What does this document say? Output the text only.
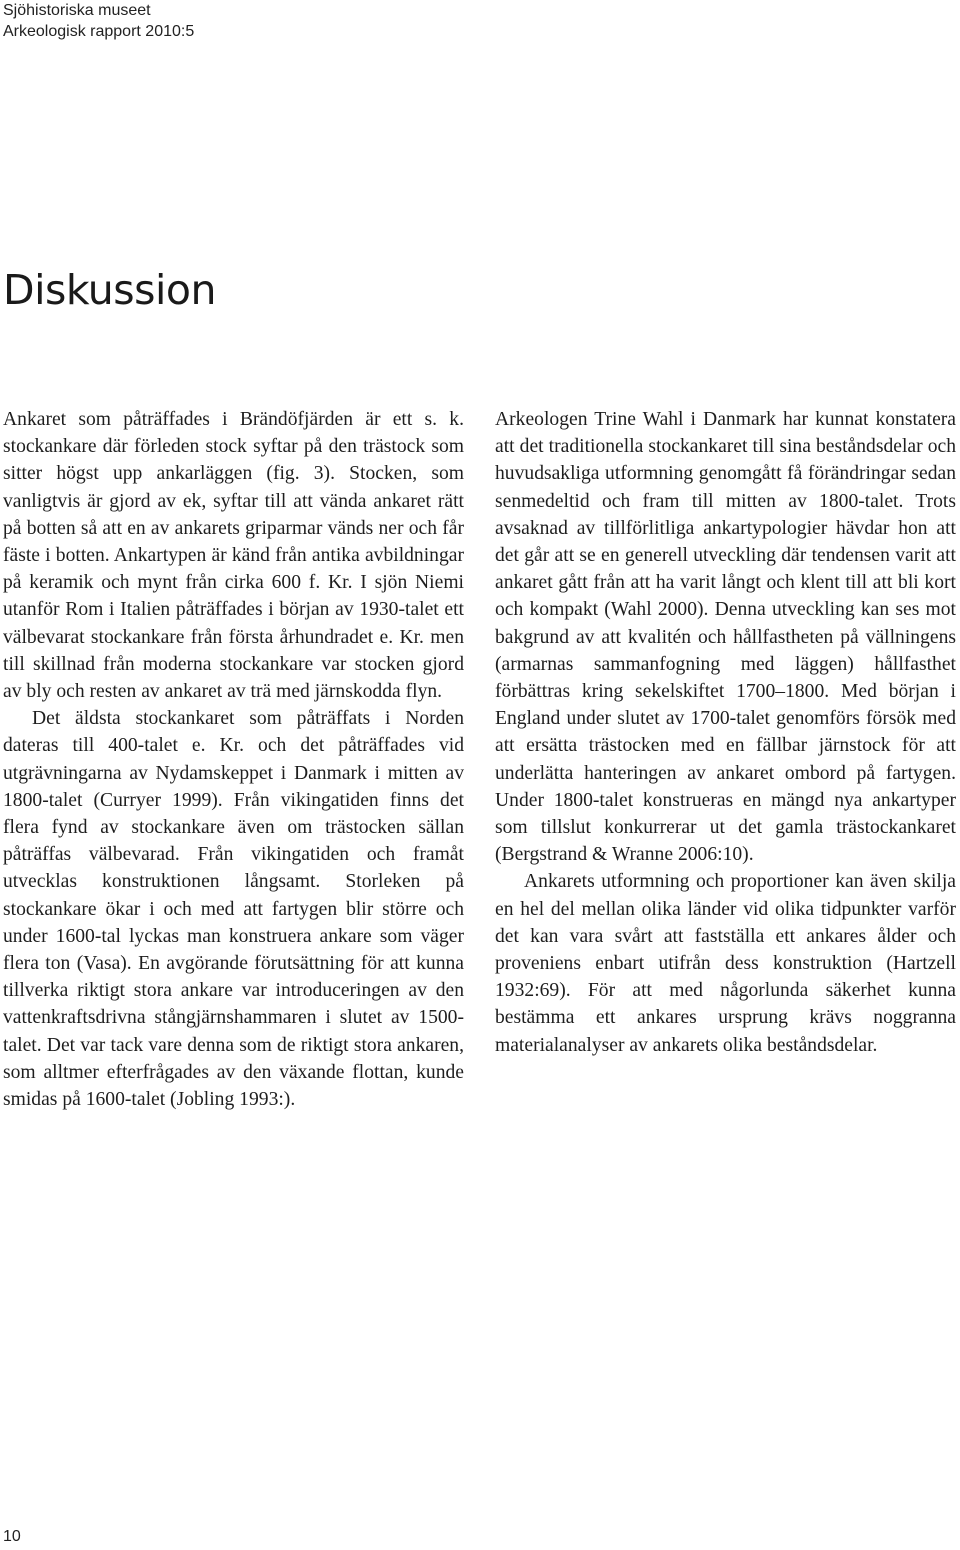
Sjöhistoriska museet
Arkeologisk rapport 2010:5
Diskussion

Ankaret som påträffades i Brändöfjärden är ett s. k. stockankare där förleden stock syftar på den trästock som sitter högst upp ankarläggen (fig. 3). Stocken, som vanligtvis är gjord av ek, syftar till att vända ankaret rätt på botten så att en av ankarets griparmar vänds ner och får fäste i botten. Ankartypen är känd från antika avbildningar på keramik och mynt från cirka 600 f. Kr. I sjön Niemi utanför Rom i Italien påträffades i början av 1930-talet ett välbevarat stockankare från första århundradet e. Kr. men till skillnad från moderna stockankare var stocken gjord av bly och resten av ankaret av trä med järnskodda flyn.

Det äldsta stockankaret som påträffats i Norden dateras till 400-talet e. Kr. och det påträffades vid utgrävningarna av Nydamskeppet i Danmark i mitten av 1800-talet (Curryer 1999). Från vikingatiden finns det flera fynd av stockankare även om trästocken sällan påträffas välbevarad. Från vikingatiden och framåt utvecklas konstruktionen långsamt. Storleken på stockankare ökar i och med att fartygen blir större och under 1600-tal lyckas man konstruera ankare som väger flera ton (Vasa). En avgörande förutsättning för att kunna tillverka riktigt stora ankare var introduceringen av den vattenkraftsdrivna stångjärnshammaren i slutet av 1500-talet. Det var tack vare denna som de riktigt stora ankaren, som alltmer efterfrågades av den växande flottan, kunde smidas på 1600-talet (Jobling 1993:).

Arkeologen Trine Wahl i Danmark har kunnat konstatera att det traditionella stockankaret till sina beståndsdelar och huvudsakliga utformning genomgått få förändringar sedan senmedeltid och fram till mitten av 1800-talet. Trots avsaknad av tillförlitliga ankartypologier hävdar hon att det går att se en generell utveckling där tendensen varit att ankaret gått från att ha varit långt och klent till att bli kort och kompakt (Wahl 2000). Denna utveckling kan ses mot bakgrund av att kvalitén och hållfastheten på vällningens (armarnas sammanfogning med läggen) hållfasthet förbättras kring sekelskiftet 1700–1800. Med början i England under slutet av 1700-talet genomförs försök med att ersätta trästocken med en fällbar järnstock för att underlätta hanteringen av ankaret ombord på fartygen. Under 1800-talet konstrueras en mängd nya ankartyper som tillslut konkurrerar ut det gamla trästockankaret (Bergstrand & Wranne 2006:10).

Ankarets utformning och proportioner kan även skilja en hel del mellan olika länder vid olika tidpunkter varför det kan vara svårt att fastställa ett ankares ålder och proveniens enbart utifrån dess konstruktion (Hartzell 1932:69). För att med någorlunda säkerhet kunna bestämma ett ankares ursprung krävs noggranna materialanalyser av ankarets olika beståndsdelar.

10
